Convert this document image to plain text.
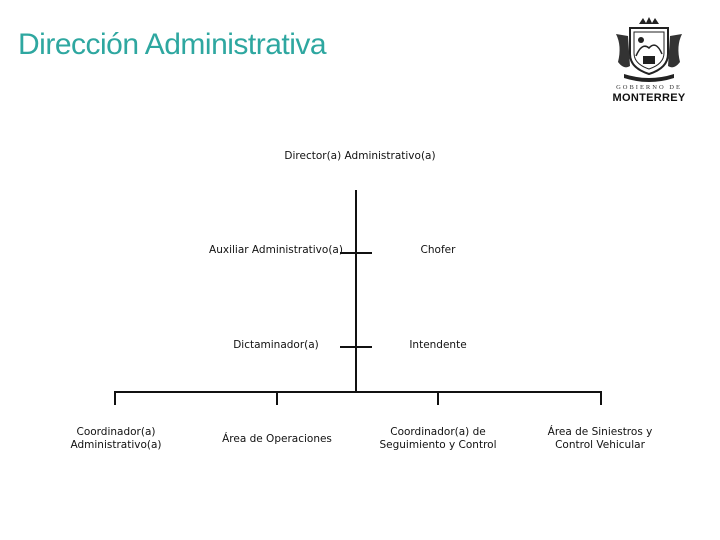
Dirección Administrativa
GOBIERNO DE
MONTERREY
Director(a) Administrativo(a)
Auxiliar Administrativo(a)	Chofer
Dictaminador(a)	Intendente
Coordinador(a) Administrativo(a)	Área de Operaciones
Coordinador(a) de Seguimiento y Control
Área de Siniestros y Control Vehicular
